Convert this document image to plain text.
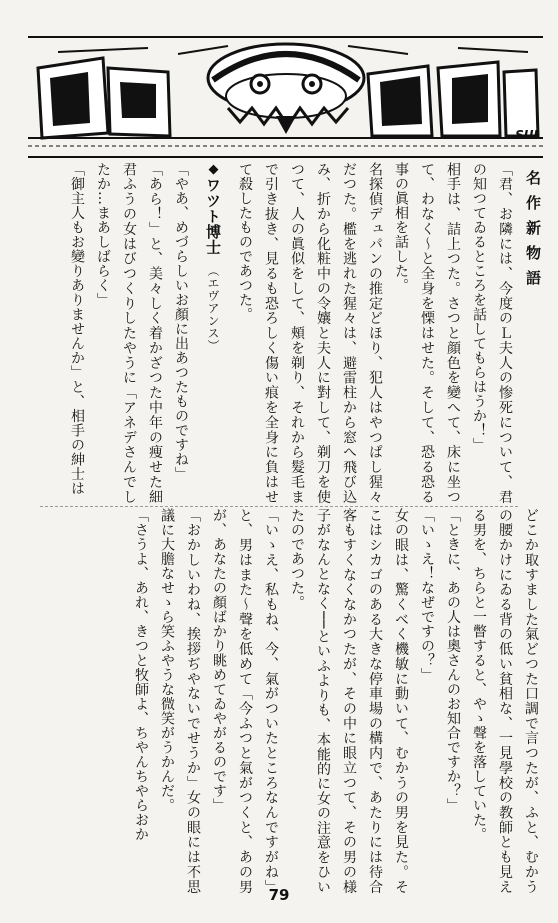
SUI
名作新物語

「君、お隣には、今度のＬ夫人の惨死について、君の知つてゐるところを話してもらはうか！」

相手は、詰上つた。さつと顔色を變へて、床に坐つて、わなく〜と全身を慄はせた。そして、恐る恐る事の眞相を話した。

名探偵デュパンの推定どほり、犯人はやつぱし猩々だつた。檻を逃れた猩々は、避雷柱から窓へ飛び込み、折から化粧中の令孃と夫人に對して、剃刀を使つて、人の眞似をして、頰を剃り、それから髮毛まで引き抜き、見るも恐ろしく傷い痕を全身に負はせて殺したものであつた。

◆ワツト博士　（エヴアンス）

「やあ、めづらしいお顏に出あつたものですね」

「あら！」と、美々しく着かざつた中年の痩せた細君ふうの女はびつくりしたやうに「アネデさんでしたか…まあしばらく」

「御主人もお變りありませんか」と、相手の紳士は

どこか取すました氣どつた口調で言つたが、ふと、むかうの腰かけにゐる背の低い貧相な、一見學校の教師とも見える男を、ちらと一瞥すると、やゝ聲を落していた。

「ときに、あの人は奧さんのお知合ですか？」

「いゝえ！なぜですの？」

女の眼は、驚くべく機敏に動いて、むかうの男を見た。そこはシカゴのある大きな停車場の構内で、あたりには待合客もすくなくなかつたが、その中に眼立つて、その男の様子がなんとなく──といふよりも、本能的に女の注意をひいたのであつた。

「いゝえ、私もね、今、氣がついたところなんですがね」と、男はまた〜聲を低めて「今ふつと氣がつくと、あの男が、あなたの顏ばかり眺めてゐやがるのです」

「おかしいわね、挨拶ぢやないでせうか」女の眼には不思議に大膽なせゝら笑ふやうな微笑がうかんだ。

「さうよ、あれ、きつと牧師よ、ちやんちやらおか

79
